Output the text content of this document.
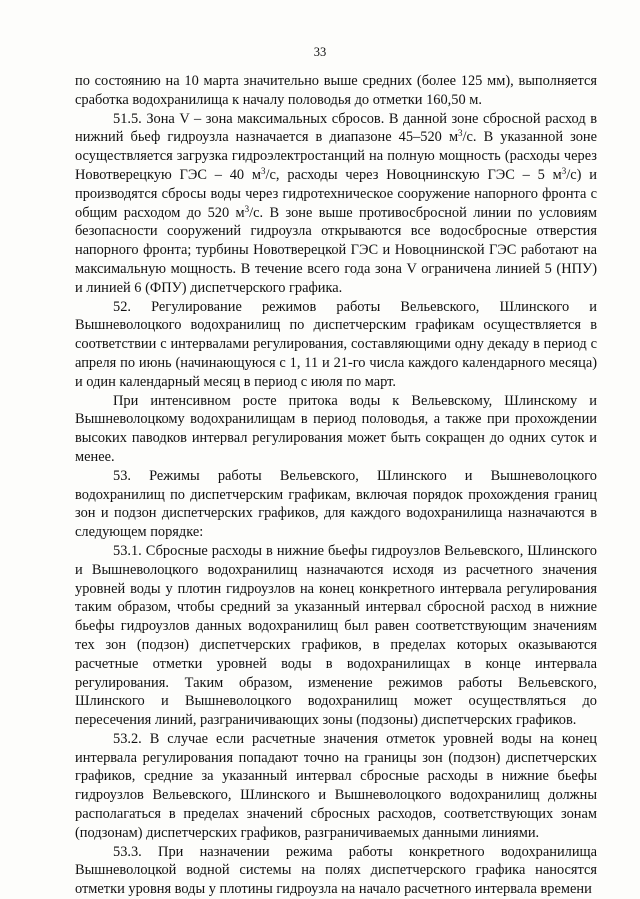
33

по состоянию на 10 марта значительно выше средних (более 125 мм), выполняется сработка водохранилища к началу половодья до отметки 160,50 м.

51.5. Зона V – зона максимальных сбросов. В данной зоне сбросной расход в нижний бьеф гидроузла назначается в диапазоне 45–520 $м^3/с$. В указанной зоне осуществляется загрузка гидроэлектростанций на полную мощность (расходы через Новотверецкую ГЭС – 40 $м^3/с$, расходы через Новоцнинскую ГЭС – 5 $м^3/с$) и производятся сбросы воды через гидротехническое сооружение напорного фронта с общим расходом до 520 $м^3/с$. В зоне выше противосбросной линии по условиям безопасности сооружений гидроузла открываются все водосбросные отверстия напорного фронта; турбины Новотверецкой ГЭС и Новоцнинской ГЭС работают на максимальную мощность. В течение всего года зона V ограничена линией 5 (НПУ) и линией 6 (ФПУ) диспетчерского графика.

52. Регулирование режимов работы Вельевского, Шлинского и Вышневолоцкого водохранилищ по диспетчерским графикам осуществляется в соответствии с интервалами регулирования, составляющими одну декаду в период с апреля по июнь (начинающуюся с 1, 11 и 21-го числа каждого календарного месяца) и один календарный месяц в период с июля по март.

При интенсивном росте притока воды к Вельевскому, Шлинскому и Вышневолоцкому водохранилищам в период половодья, а также при прохождении высоких паводков интервал регулирования может быть сокращен до одних суток и менее.

53. Режимы работы Вельевского, Шлинского и Вышневолоцкого водохранилищ по диспетчерским графикам, включая порядок прохождения границ зон и подзон диспетчерских графиков, для каждого водохранилища назначаются в следующем порядке:

53.1. Сбросные расходы в нижние бьефы гидроузлов Вельевского, Шлинского и Вышневолоцкого водохранилищ назначаются исходя из расчетного значения уровней воды у плотин гидроузлов на конец конкретного интервала регулирования таким образом, чтобы средний за указанный интервал сбросной расход в нижние бьефы гидроузлов данных водохранилищ был равен соответствующим значениям тех зон (подзон) диспетчерских графиков, в пределах которых оказываются расчетные отметки уровней воды в водохранилищах в конце интервала регулирования. Таким образом, изменение режимов работы Вельевского, Шлинского и Вышневолоцкого водохранилищ может осуществляться до пересечения линий, разграничивающих зоны (подзоны) диспетчерских графиков.

53.2. В случае если расчетные значения отметок уровней воды на конец интервала регулирования попадают точно на границы зон (подзон) диспетчерских графиков, средние за указанный интервал сбросные расходы в нижние бьефы гидроузлов Вельевского, Шлинского и Вышневолоцкого водохранилищ должны располагаться в пределах значений сбросных расходов, соответствующих зонам (подзонам) диспетчерских графиков, разграничиваемых данными линиями.

53.3. При назначении режима работы конкретного водохранилища Вышневолоцкой водной системы на полях диспетчерского графика наносятся отметки уровня воды у плотины гидроузла на начало расчетного интервала времени
